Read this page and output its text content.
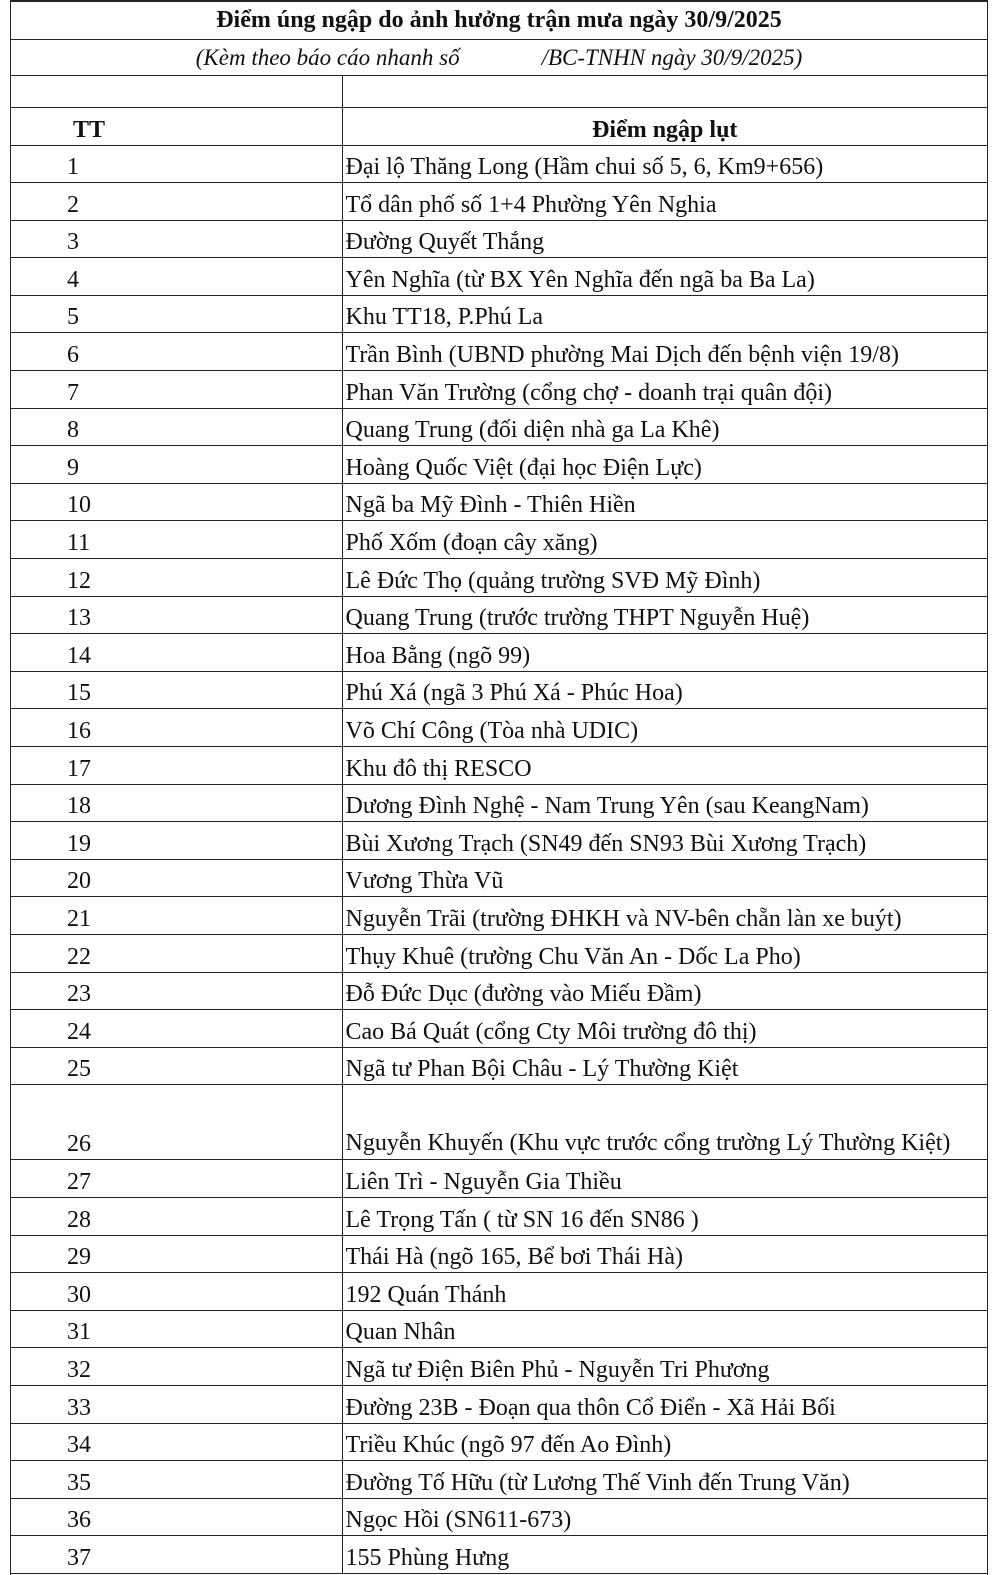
Điểm úng ngập do ảnh hưởng trận mưa ngày 30/9/2025
(Kèm theo báo cáo nhanh số	/BC-TNHN ngày 30/9/2025)

TT	Điểm ngập lụt
1	Đại lộ Thăng Long (Hầm chui số 5, 6, Km9+656)
2	Tổ dân phố số 1+4 Phường Yên Nghia
3	Đường Quyết Thắng
4	Yên Nghĩa (từ BX Yên Nghĩa đến ngã ba Ba La)
5	Khu TT18, P.Phú La
6	Trần Bình (UBND phường Mai Dịch đến bệnh viện 19/8)
7	Phan Văn Trường (cổng chợ - doanh trại quân đội)
8	Quang Trung (đối diện nhà ga La Khê)
9	Hoàng Quốc Việt (đại học Điện Lực)
10	Ngã ba Mỹ Đình - Thiên Hiền
11	Phố Xốm (đoạn cây xăng)
12	Lê Đức Thọ (quảng trường SVĐ Mỹ Đình)
13	Quang Trung (trước trường THPT Nguyễn Huệ)
14	Hoa Bằng (ngõ 99)
15	Phú Xá (ngã 3 Phú Xá - Phúc Hoa)
16	Võ Chí Công (Tòa nhà UDIC)
17	Khu đô thị RESCO
18	Dương Đình Nghệ - Nam Trung Yên (sau KeangNam)
19	Bùi Xương Trạch (SN49 đến SN93 Bùi Xương Trạch)
20	Vương Thừa Vũ
21	Nguyễn Trãi (trường ĐHKH và NV-bên chẵn làn xe buýt)
22	Thụy Khuê (trường Chu Văn An - Dốc La Pho)
23	Đỗ Đức Dục (đường vào Miếu Đầm)
24	Cao Bá Quát (cổng Cty Môi trường đô thị)
25	Ngã tư Phan Bội Châu - Lý Thường Kiệt
26	Nguyễn Khuyến (Khu vực trước cổng trường Lý Thường Kiệt)
27	Liên Trì - Nguyễn Gia Thiều
28	Lê Trọng Tấn ( từ SN 16 đến SN86 )
29	Thái Hà (ngõ 165, Bể bơi Thái Hà)
30	192 Quán Thánh
31	Quan Nhân
32	Ngã tư Điện Biên Phủ - Nguyễn Tri Phương
33	Đường 23B - Đoạn qua thôn Cổ Điển - Xã Hải Bối
34	Triều Khúc (ngõ 97 đến Ao Đình)
35	Đường Tố Hữu (từ Lương Thế Vinh đến Trung Văn)
36	Ngọc Hồi (SN611-673)
37	155 Phùng Hưng
